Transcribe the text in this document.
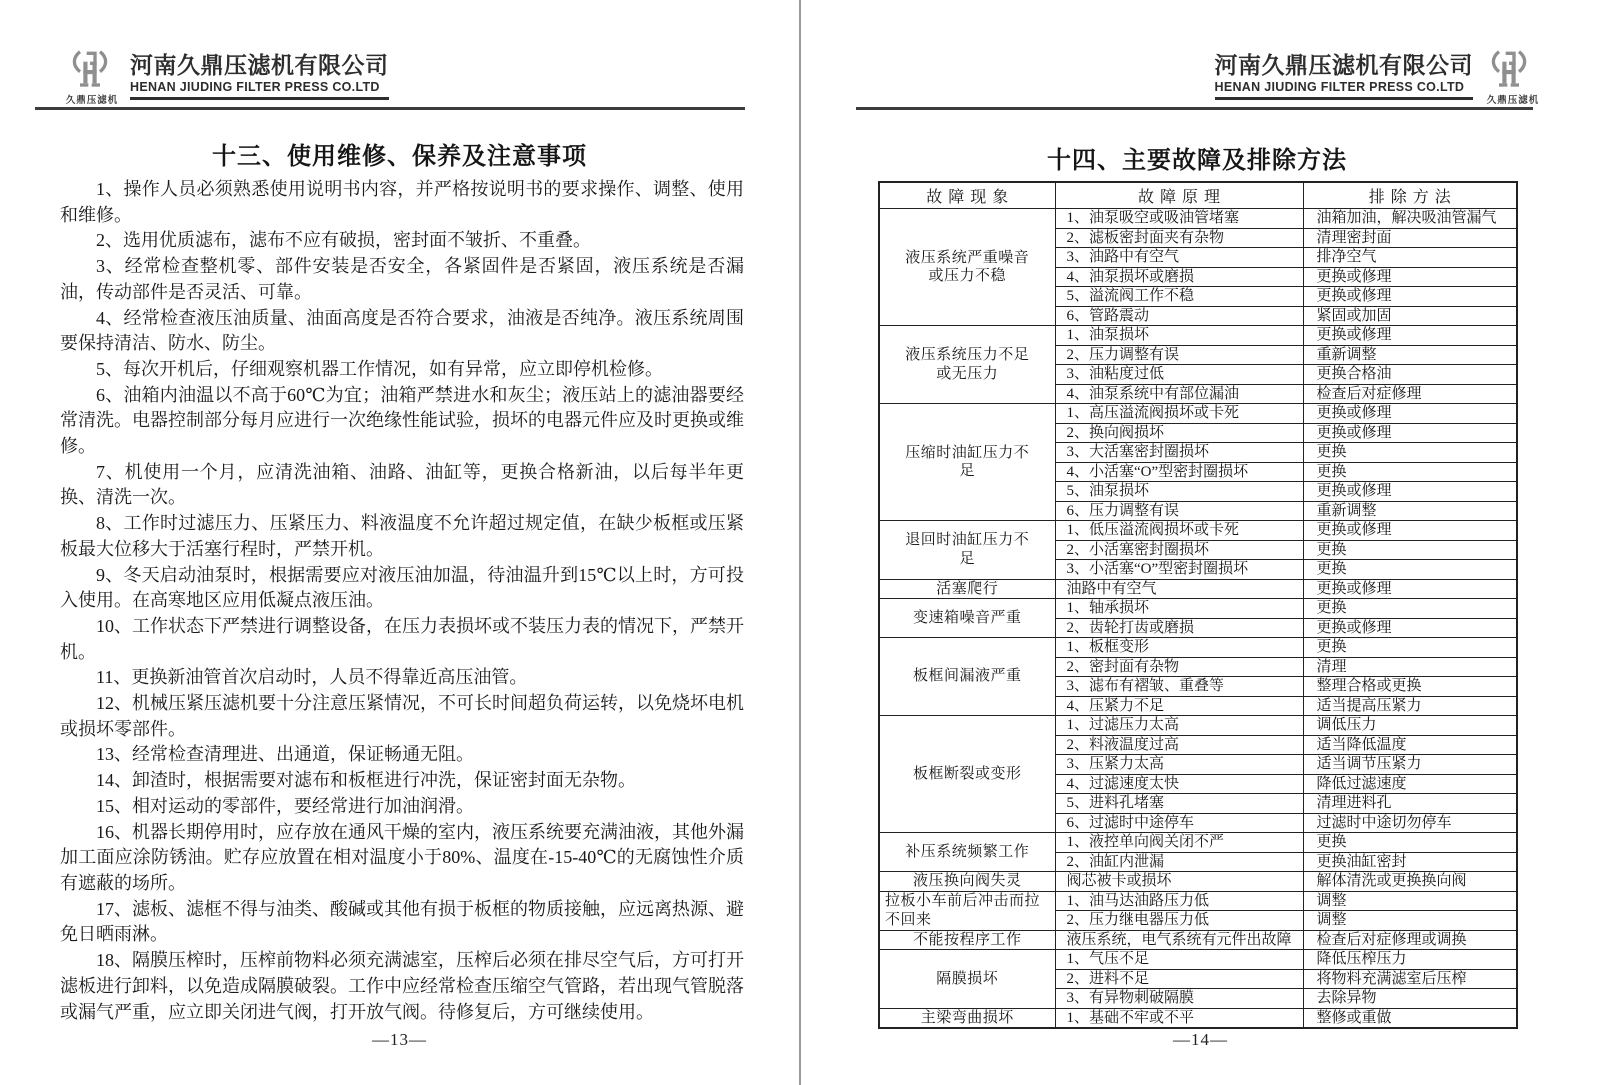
久鼎压滤机
河南久鼎压滤机有限公司
HENAN JIUDING FILTER PRESS CO.LTD
十三、使用维修、保养及注意事项

1、操作人员必须熟悉使用说明书内容，并严格按说明书的要求操作、调整、使用和维修。

2、选用优质滤布，滤布不应有破损，密封面不皱折、不重叠。

3、经常检查整机零、部件安装是否安全，各紧固件是否紧固，液压系统是否漏油，传动部件是否灵活、可靠。

4、经常检查液压油质量、油面高度是否符合要求，油液是否纯净。液压系统周围要保持清洁、防水、防尘。

5、每次开机后，仔细观察机器工作情况，如有异常，应立即停机检修。

6、油箱内油温以不高于60℃为宜；油箱严禁进水和灰尘；液压站上的滤油器要经常清洗。电器控制部分每月应进行一次绝缘性能试验，损坏的电器元件应及时更换或维修。

7、机使用一个月，应清洗油箱、油路、油缸等，更换合格新油，以后每半年更换、清洗一次。

8、工作时过滤压力、压紧压力、料液温度不允许超过规定值，在缺少板框或压紧板最大位移大于活塞行程时，严禁开机。

9、冬天启动油泵时，根据需要应对液压油加温，待油温升到15℃以上时，方可投入使用。在高寒地区应用低凝点液压油。

10、工作状态下严禁进行调整设备，在压力表损坏或不装压力表的情况下，严禁开机。

11、更换新油管首次启动时，人员不得靠近高压油管。

12、机械压紧压滤机要十分注意压紧情况，不可长时间超负荷运转，以免烧坏电机或损坏零部件。

13、经常检查清理进、出通道，保证畅通无阻。

14、卸渣时，根据需要对滤布和板框进行冲洗，保证密封面无杂物。

15、相对运动的零部件，要经常进行加油润滑。

16、机器长期停用时，应存放在通风干燥的室内，液压系统要充满油液，其他外漏加工面应涂防锈油。贮存应放置在相对温度小于80%、温度在-15-40℃的无腐蚀性介质有遮蔽的场所。

17、滤板、滤框不得与油类、酸碱或其他有损于板框的物质接触，应远离热源、避免日晒雨淋。

18、隔膜压榨时，压榨前物料必须充满滤室，压榨后必须在排尽空气后，方可打开滤板进行卸料，以免造成隔膜破裂。工作中应经常检查压缩空气管路，若出现气管脱落或漏气严重，应立即关闭进气阀，打开放气阀。待修复后，方可继续使用。

—13—
河南久鼎压滤机有限公司
HENAN JIUDING FILTER PRESS CO.LTD
久鼎压滤机
十四、主要故障及排除方法
故障现象	故障原理	排除方法
液压系统严重噪音或压力不稳	1、油泵吸空或吸油管堵塞	油箱加油，解决吸油管漏气
	2、滤板密封面夹有杂物	清理密封面
	3、油路中有空气	排净空气
	4、油泵损坏或磨损	更换或修理
	5、溢流阀工作不稳	更换或修理
	6、管路震动	紧固或加固
液压系统压力不足或无压力	1、油泵损坏	更换或修理
	2、压力调整有误	重新调整
	3、油粘度过低	更换合格油
	4、油泵系统中有部位漏油	检查后对症修理
压缩时油缸压力不足	1、高压溢流阀损坏或卡死	更换或修理
	2、换向阀损坏	更换或修理
	3、大活塞密封圈损坏	更换
	4、小活塞“O”型密封圈损坏	更换
	5、油泵损坏	更换或修理
	6、压力调整有误	重新调整
退回时油缸压力不足	1、低压溢流阀损坏或卡死	更换或修理
	2、小活塞密封圈损坏	更换
	3、小活塞“O”型密封圈损坏	更换
活塞爬行	油路中有空气	更换或修理
变速箱噪音严重	1、轴承损坏	更换
	2、齿轮打齿或磨损	更换或修理
板框间漏液严重	1、板框变形	更换
	2、密封面有杂物	清理
	3、滤布有褶皱、重叠等	整理合格或更换
	4、压紧力不足	适当提高压紧力
板框断裂或变形	1、过滤压力太高	调低压力
	2、料液温度过高	适当降低温度
	3、压紧力太高	适当调节压紧力
	4、过滤速度太快	降低过滤速度
	5、进料孔堵塞	清理进料孔
	6、过滤时中途停车	过滤时中途切勿停车
补压系统频繁工作	1、液控单向阀关闭不严	更换
	2、油缸内泄漏	更换油缸密封
液压换向阀失灵	阀芯被卡或损坏	解体清洗或更换换向阀
拉板小车前后冲击而拉不回来	1、油马达油路压力低	调整
	2、压力继电器压力低	调整
不能按程序工作	液压系统，电气系统有元件出故障	检查后对症修理或调换
隔膜损坏	1、气压不足	降低压榨压力
	2、进料不足	将物料充满滤室后压榨
	3、有异物刺破隔膜	去除异物
主梁弯曲损坏	1、基础不牢或不平	整修或重做
—14—
